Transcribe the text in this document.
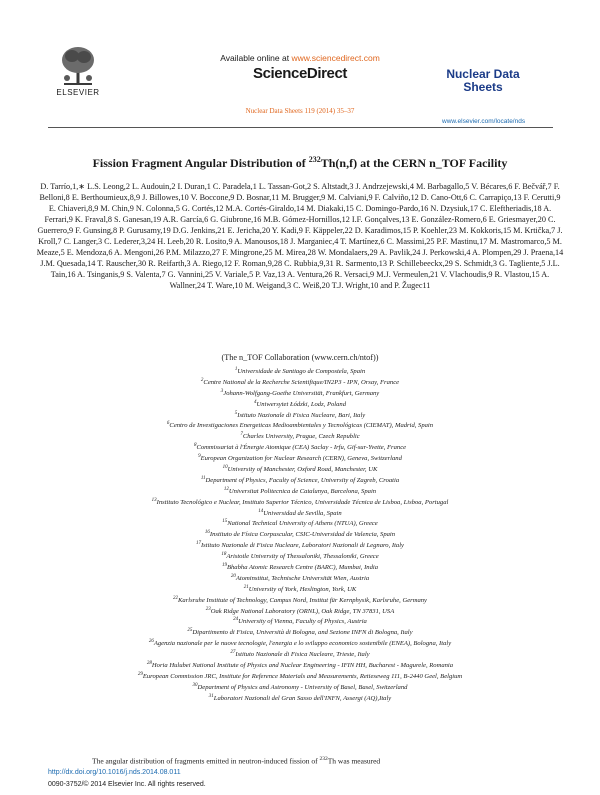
ELSEVIER
Available online at www.sciencedirect.com
ScienceDirect
Nuclear Data Sheets 119 (2014) 35–37
Nuclear Data Sheets
www.elsevier.com/locate/nds
Fission Fragment Angular Distribution of $^{232}$Th(n,f) at the CERN n_TOF Facility
D. Tarrío,1,∗ L.S. Leong,2 L. Audouin,2 I. Duran,1 C. Paradela,1 L. Tassan-Got,2 S. Altstadt,3 J. Andrzejewski,4 M. Barbagallo,5 V. Bécares,6 F. Bečvář,7 F. Belloni,8 E. Berthoumieux,8,9 J. Billowes,10 V. Boccone,9 D. Bosnar,11 M. Brugger,9 M. Calviani,9 F. Calviño,12 D. Cano-Ott,6 C. Carrapiço,13 F. Cerutti,9 E. Chiaveri,8,9 M. Chin,9 N. Colonna,5 G. Cortés,12 M.A. Cortés-Giraldo,14 M. Diakaki,15 C. Domingo-Pardo,16 N. Dzysiuk,17 C. Eleftheriadis,18 A. Ferrari,9 K. Fraval,8 S. Ganesan,19 A.R. García,6 G. Giubrone,16 M.B. Gómez-Hornillos,12 I.F. Gonçalves,13 E. González-Romero,6 E. Griesmayer,20 C. Guerrero,9 F. Gunsing,8 P. Gurusamy,19 D.G. Jenkins,21 E. Jericha,20 Y. Kadi,9 F. Käppeler,22 D. Karadimos,15 P. Koehler,23 M. Kokkoris,15 M. Krtička,7 J. Kroll,7 C. Langer,3 C. Lederer,3,24 H. Leeb,20 R. Losito,9 A. Manousos,18 J. Marganiec,4 T. Martínez,6 C. Massimi,25 P.F. Mastinu,17 M. Mastromarco,5 M. Meaze,5 E. Mendoza,6 A. Mengoni,26 P.M. Milazzo,27 F. Mingrone,25 M. Mirea,28 W. Mondalaers,29 A. Pavlik,24 J. Perkowski,4 A. Plompen,29 J. Praena,14 J.M. Quesada,14 T. Rauscher,30 R. Reifarth,3 A. Riego,12 F. Roman,9,28 C. Rubbia,9,31 R. Sarmento,13 P. Schillebeeckx,29 S. Schmidt,3 G. Tagliente,5 J.L. Tain,16 A. Tsinganis,9 S. Valenta,7 G. Vannini,25 V. Variale,5 P. Vaz,13 A. Ventura,26 R. Versaci,9 M.J. Vermeulen,21 V. Vlachoudis,9 R. Vlastou,15 A. Wallner,24 T. Ware,10 M. Weigand,3 C. Weiß,20 T.J. Wright,10 and P. Žugec11
(The n_TOF Collaboration (www.cern.ch/ntof))
$^1$Universidade de Santiago de Compostela, Spain
$^2$Centre National de la Recherche Scientifique/IN2P3 - IPN, Orsay, France
$^3$Johann-Wolfgang-Goethe Universität, Frankfurt, Germany
$^4$Uniwersytet Łódzki, Lodz, Poland
$^5$Istituto Nazionale di Fisica Nucleare, Bari, Italy
$^6$Centro de Investigaciones Energeticas Medioambientales y Tecnológicas (CIEMAT), Madrid, Spain
$^7$Charles University, Prague, Czech Republic
$^8$Commissariat à l'Énergie Atomique (CEA) Saclay - Irfu, Gif-sur-Yvette, France
$^9$European Organization for Nuclear Research (CERN), Geneva, Switzerland
$^{10}$University of Manchester, Oxford Road, Manchester, UK
$^{11}$Department of Physics, Faculty of Science, University of Zagreb, Croatia
$^{12}$Universitat Politecnica de Catalunya, Barcelona, Spain
$^{13}$Instituto Tecnológico e Nuclear, Instituto Superior Técnico, Universidade Técnica de Lisboa, Lisboa, Portugal
$^{14}$Universidad de Sevilla, Spain
$^{15}$National Technical University of Athens (NTUA), Greece
$^{16}$Instituto de Física Corpuscular, CSIC-Universidad de Valencia, Spain
$^{17}$Istituto Nazionale di Fisica Nucleare, Laboratori Nazionali di Legnaro, Italy
$^{18}$Aristotle University of Thessaloniki, Thessaloniki, Greece
$^{19}$Bhabha Atomic Research Centre (BARC), Mumbai, India
$^{20}$Atominstitut, Technische Universität Wien, Austria
$^{21}$University of York, Heslington, York, UK
$^{22}$Karlsruhe Institute of Technology, Campus Nord, Institut für Kernphysik, Karlsruhe, Germany
$^{23}$Oak Ridge National Laboratory (ORNL), Oak Ridge, TN 37831, USA
$^{24}$University of Vienna, Faculty of Physics, Austria
$^{25}$Dipartimento di Fisica, Università di Bologna, and Sezione INFN di Bologna, Italy
$^{26}$Agenzia nazionale per le nuove tecnologie, l'energia e lo sviluppo economico sostenibile (ENEA), Bologna, Italy
$^{27}$Istituto Nazionale di Fisica Nucleare, Trieste, Italy
$^{28}$Horia Hulubei National Institute of Physics and Nuclear Engineering - IFIN HH, Bucharest - Magurele, Romania
$^{29}$European Commission JRC, Institute for Reference Materials and Measurements, Retieseweg 111, B-2440 Geel, Belgium
$^{30}$Department of Physics and Astronomy - University of Basel, Basel, Switzerland
$^{31}$Laboratori Nazionali del Gran Sasso dell'INFN, Assergi (AQ),Italy
The angular distribution of fragments emitted in neutron-induced fission of $^{232}$Th was measured
http://dx.doi.org/10.1016/j.nds.2014.08.011
0090-3752/© 2014 Elsevier Inc. All rights reserved.
